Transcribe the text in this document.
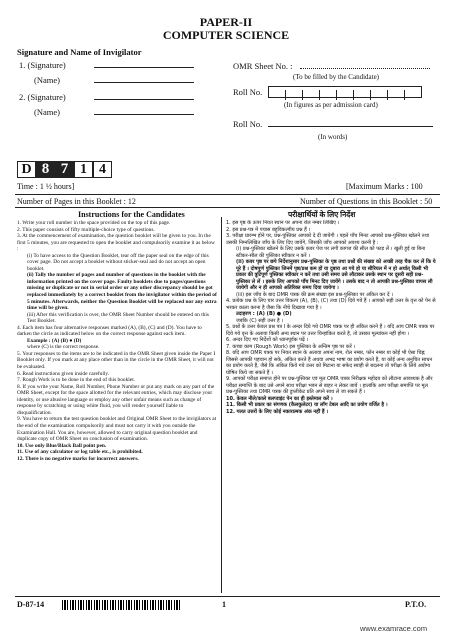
PAPER-II
COMPUTER SCIENCE
Signature and Name of Invigilator
1. (Signature)
(Name)
2. (Signature)
(Name)
OMR Sheet No. :
(To be filled by the Candidate)
Roll No.
(In figures as per admission card)
Roll No.
(In words)
D 8 7 1 4
Time : 1 ½ hours]	[Maximum Marks : 100
Number of Pages in this Booklet : 12	Number of Questions in this Booklet : 50
Instructions for the Candidates	परीक्षार्थियों के लिए निर्देश

1. Write your roll number in the space provided on the top of this page.

2. This paper consists of fifty multiple-choice type of questions.

3. At the commencement of examination, the question booklet will be given to you. In the first 5 minutes, you are requested to open the booklet and compulsorily examine it as below :

(i) To have access to the Question Booklet, tear off the paper seal on the edge of this cover page. Do not accept a booklet without sticker-seal and do not accept an open booklet.

(ii) Tally the number of pages and number of questions in the booklet with the information printed on the cover page. Faulty booklets due to pages/questions missing or duplicate or not in serial order or any other discrepancy should be got replaced immediately by a correct booklet from the invigilator within the period of 5 minutes. Afterwards, neither the Question Booklet will be replaced nor any extra time will be given.

(iii) After this verification is over, the OMR Sheet Number should be entered on this Test Booklet.

4. Each item has four alternative responses marked (A), (B), (C) and (D). You have to darken the circle as indicated below on the correct response against each item.

Example : (A) (B) ● (D)

where (C) is the correct response.

5. Your responses to the items are to be indicated in the OMR Sheet given inside the Paper I Booklet only. If you mark at any place other than in the circle in the OMR Sheet, it will not be evaluated.

6. Read instructions given inside carefully.

7. Rough Work is to be done in the end of this booklet.

8. If you write your Name, Roll Number, Phone Number or put any mark on any part of the OMR Sheet, except for the space allotted for the relevant entries, which may disclose your identity, or use abusive language or employ any other unfair means such as change of response by scratching or using white fluid, you will render yourself liable to disqualification.

9. You have to return the test question booklet and Original OMR Sheet to the invigilators at the end of the examination compulsorily and must not carry it with you outside the Examination Hall. You are, however, allowed to carry original question booklet and duplicate copy of OMR Sheet on conclusion of examination.

10. Use only Blue/Black Ball point pen.

11. Use of any calculator or log table etc., is prohibited.

12. There is no negative marks for incorrect answers.

1. इस पृष्ठ के ऊपर नियत स्थान पर अपना रोल नम्बर लिखिए ।

2. इस प्रश्न-पत्र में पचास बहुविकल्पीय प्रश्न हैं ।

3. परीक्षा प्रारम्भ होने पर, प्रश्न-पुस्तिका आपको दे दी जायेगी । पहले पाँच मिनट आपको प्रश्न-पुस्तिका खोलने तथा उसकी निम्नलिखित जाँच के लिए दिए जायेंगे, जिसकी जाँच आपको अवश्य करनी है :

(i) प्रश्न-पुस्तिका खोलने के लिए उसके कवर पेज पर लगी कागज की सील को फाड़ लें । खुली हुई या बिना स्टीकर-सील की पुस्तिका स्वीकार न करें ।

(ii) कवर पृष्ठ पर छपे निर्देशानुसार प्रश्न-पुस्तिका के पृष्ठ तथा प्रश्नों की संख्या को अच्छी तरह चैक कर लें कि ये पूरे हैं । दोषपूर्ण पुस्तिका जिनमें पृष्ठ/प्रश्न कम हों या दुबारा आ गये हो या सीरियल में न हो अर्थात् किसी भी प्रकार की त्रुटिपूर्ण पुस्तिका स्वीकार न करें तथा उसी समय उसे लौटाकर उसके स्थान पर दूसरी सही प्रश्न-पुस्तिका ले लें । इसके लिए आपको पाँच मिनट दिए जायेंगे । उसके बाद न तो आपकी प्रश्न-पुस्तिका वापस ली जायेगी और न ही आपको अतिरिक्त समय दिया जायेगा ।

(iii) इस जाँच के बाद OMR पत्रक की क्रम संख्या इस प्रश्न-पुस्तिका पर अंकित कर दें ।

4. प्रत्येक प्रश्न के लिए चार उत्तर विकल्प (A), (B), (C) तथा (D) दिये गये हैं । आपको सही उत्तर के वृत्त को पेन से भरकर काला करना है जैसा कि नीचे दिखाया गया है ।

उदाहरण : (A) (B) ● (D)

जबकि (C) सही उत्तर है ।

5. प्रश्नों के उत्तर केवल प्रश्न पत्र I के अन्दर दिये गये OMR पत्रक पर ही अंकित करने हैं । यदि आप OMR पत्रक पर दिये गये वृत्त के अलावा किसी अन्य स्थान पर उत्तर चिन्हांकित करते है, तो उसका मूल्यांकन नहीं होगा ।

6. अन्दर दिए गए निर्देशों को ध्यानपूर्वक पढ़ें ।

7. कच्चा काम (Rough Work) इस पुस्तिका के अन्तिम पृष्ठ पर करें ।

8. यदि आप OMR पत्रक पर नियत स्थान के अलावा अपना नाम, रोल नम्बर, फोन नम्बर या कोई भी ऐसा चिह्न जिससे आपकी पहचान हो सके, अंकित करते हैं अथवा अभद्र भाषा का प्रयोग करते हैं, या कोई अन्य अनुचित साधन का प्रयोग करते हैं, जैसे कि अंकित किये गये उत्तर को मिटाना या सफेद स्याही से बदलना तो परीक्षा के लिये अयोग्य घोषित किये जा सकते हैं ।

9. आपको परीक्षा समाप्त होने पर प्रश्न-पुस्तिका एवं मूल OMR पत्रक निरीक्षक महोदय को लौटाना आवश्यक है और परीक्षा समाप्ति के बाद उसे अपने साथ परीक्षा भवन से बाहर न लेकर जायें । हालांकि आप परीक्षा समाप्ति पर मूल प्रश्न-पुस्तिका तथा OMR पत्रक की डुप्लीकेट प्रति अपने साथ ले जा सकते हैं ।

10. केवल नीले/काले बलप्वाइंट पेन का ही इस्तेमाल करें ।

11. किसी भी प्रकार का संगणक (कैलकुलेटर) या लॉग टेबल आदि का प्रयोग वर्जित है ।

12. गलत उत्तरों के लिए कोई नकारात्मक अंक नहीं हैं ।

D-87-14	1	P.T.O.
www.examrace.com
